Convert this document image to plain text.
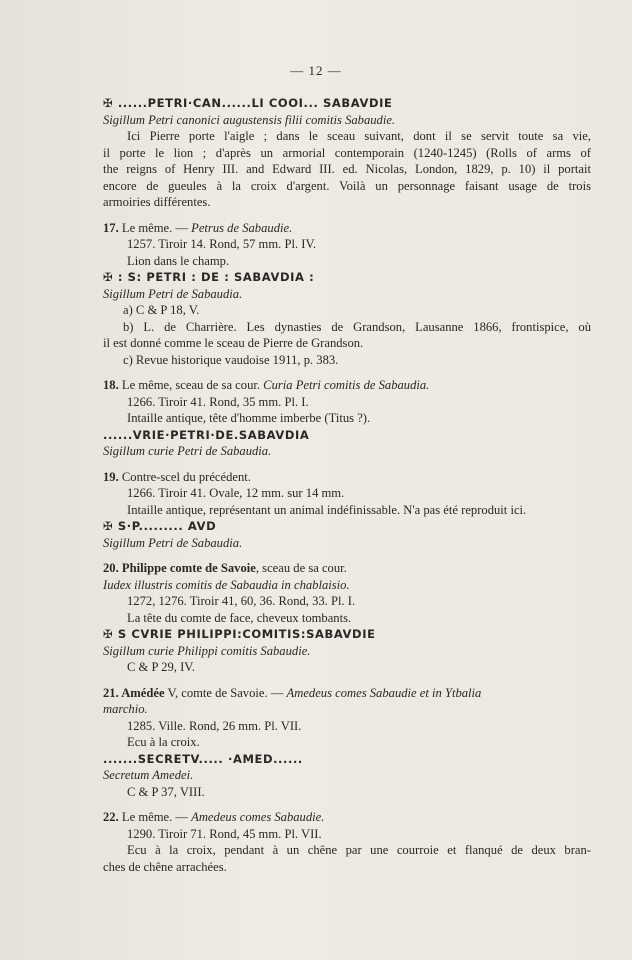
— 12 —
✠ ......PETRI·CAN......LI COOI... SABAVDIE
Sigillum Petri canonici augustensis filii comitis Sabaudie.
Ici Pierre porte l'aigle ; dans le sceau suivant, dont il se servit toute sa vie,
il porte le lion ; d'après un armorial contemporain (1240-1245) (Rolls of arms of
the reigns of Henry III. and Edward III. ed. Nicolas, London, 1829, p. 10) il portait
encore de gueules à la croix d'argent. Voilà un personnage faisant usage de trois
armoiries différentes.
17. Le même. — Petrus de Sabaudie.
1257. Tiroir 14. Rond, 57 mm. Pl. IV.
Lion dans le champ.
✠ : S: PETRI : DE : SABAVDIA :
Sigillum Petri de Sabaudia.
a) C & P 18, V.
b) L. de Charrière. Les dynasties de Grandson, Lausanne 1866, frontispice, où
il est donné comme le sceau de Pierre de Grandson.
c) Revue historique vaudoise 1911, p. 383.
18. Le même, sceau de sa cour. Curia Petri comitis de Sabaudia.
1266. Tiroir 41. Rond, 35 mm. Pl. I.
Intaille antique, tête d'homme imberbe (Titus ?).
......VRIE·PETRI·DE.SABAVDIA
Sigillum curie Petri de Sabaudia.
19. Contre-scel du précédent.
1266. Tiroir 41. Ovale, 12 mm. sur 14 mm.
Intaille antique, représentant un animal indéfinissable. N'a pas été reproduit ici.
✠ S·P......... AVD
Sigillum Petri de Sabaudia.
20. Philippe comte de Savoie, sceau de sa cour.
Iudex illustris comitis de Sabaudia in chablaisio.
1272, 1276. Tiroir 41, 60, 36. Rond, 33. Pl. I.
La tête du comte de face, cheveux tombants.
✠ S CVRIE PHILIPPI:COMITIS:SABAVDIE
Sigillum curie Philippi comitis Sabaudie.
C & P 29, IV.
21. Amédée V, comte de Savoie. — Amedeus comes Sabaudie et in Ytbalia
marchio.
1285. Ville. Rond, 26 mm. Pl. VII.
Ecu à la croix.
.......SECRETV..... ·AMED......
Secretum Amedei.
C & P 37, VIII.
22. Le même. — Amedeus comes Sabaudie.
1290. Tiroir 71. Rond, 45 mm. Pl. VII.
Ecu à la croix, pendant à un chêne par une courroie et flanqué de deux bran-
ches de chêne arrachées.
